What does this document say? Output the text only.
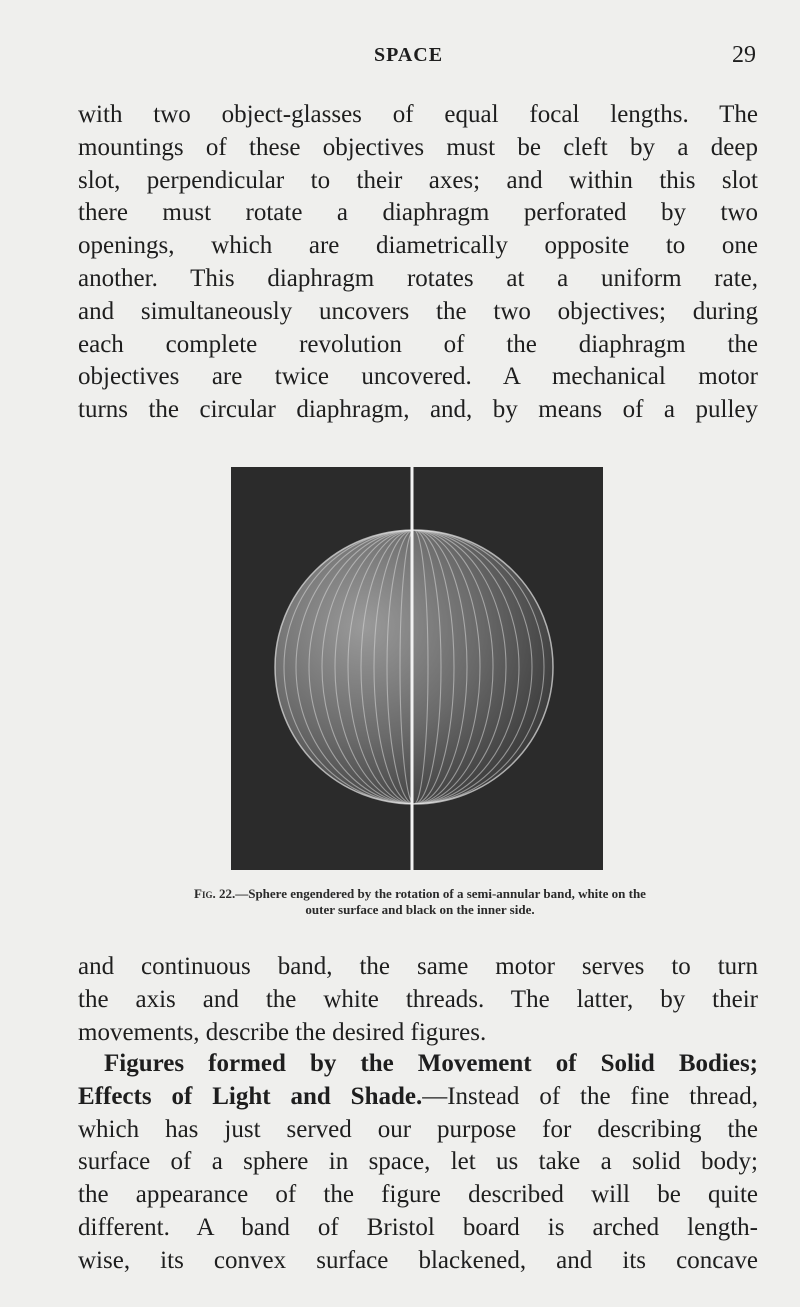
SPACE	29
with two object-glasses of equal focal lengths. The
mountings of these objectives must be cleft by a deep
slot, perpendicular to their axes; and within this slot
there must rotate a diaphragm perforated by two
openings, which are diametrically opposite to one
another. This diaphragm rotates at a uniform rate,
and simultaneously uncovers the two objectives; during
each complete revolution of the diaphragm the
objectives are twice uncovered. A mechanical motor
turns the circular diaphragm, and, by means of a pulley
Fig. 22.—Sphere engendered by the rotation of a semi-annular band, white on the
outer surface and black on the inner side.
and continuous band, the same motor serves to turn
the axis and the white threads. The latter, by their
movements, describe the desired figures.
Figures formed by the Movement of Solid Bodies;
Effects of Light and Shade.—Instead of the fine thread,
which has just served our purpose for describing the
surface of a sphere in space, let us take a solid body;
the appearance of the figure described will be quite
different. A band of Bristol board is arched length-
wise, its convex surface blackened, and its concave
